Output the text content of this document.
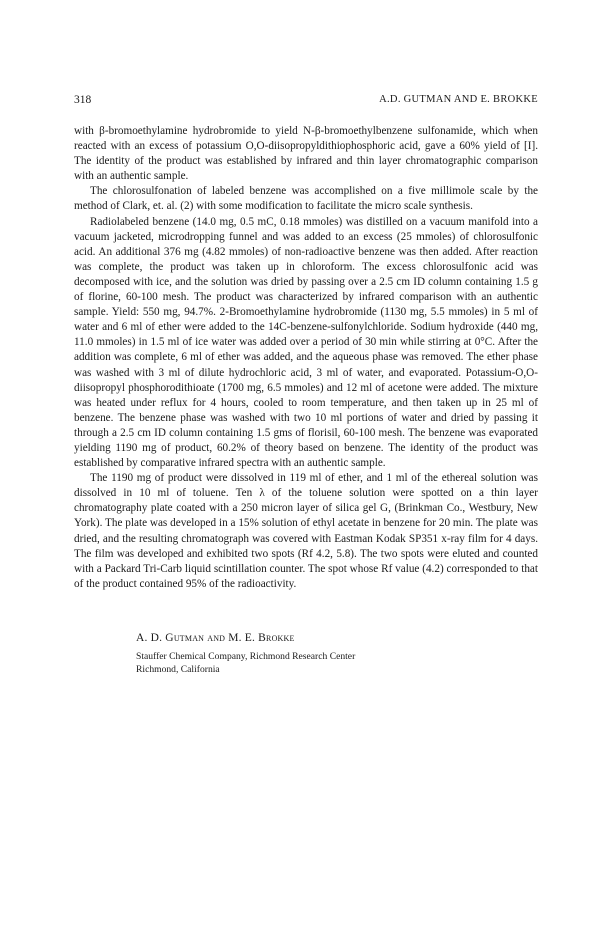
318	A.D. GUTMAN AND E. BROKKE

with β-bromoethylamine hydrobromide to yield N-β-bromoethylbenzene sulfonamide, which when reacted with an excess of potassium O,O-diisopropyldithiophosphoric acid, gave a 60% yield of [I]. The identity of the product was established by infrared and thin layer chromatographic comparison with an authentic sample.

The chlorosulfonation of labeled benzene was accomplished on a five millimole scale by the method of Clark, et. al. (2) with some modification to facilitate the micro scale synthesis.

Radiolabeled benzene (14.0 mg, 0.5 mC, 0.18 mmoles) was distilled on a vacuum manifold into a vacuum jacketed, microdropping funnel and was added to an excess (25 mmoles) of chlorosulfonic acid. An additional 376 mg (4.82 mmoles) of non-radioactive benzene was then added. After reaction was complete, the product was taken up in chloroform. The excess chlorosulfonic acid was decomposed with ice, and the solution was dried by passing over a 2.5 cm ID column containing 1.5 g of florine, 60-100 mesh. The product was characterized by infrared comparison with an authentic sample. Yield: 550 mg, 94.7%. 2-Bromoethylamine hydrobromide (1130 mg, 5.5 mmoles) in 5 ml of water and 6 ml of ether were added to the 14C-benzene-sulfonylchloride. Sodium hydroxide (440 mg, 11.0 mmoles) in 1.5 ml of ice water was added over a period of 30 min while stirring at 0°C. After the addition was complete, 6 ml of ether was added, and the aqueous phase was removed. The ether phase was washed with 3 ml of dilute hydrochloric acid, 3 ml of water, and evaporated. Potassium-O,O-diisopropyl phosphorodithioate (1700 mg, 6.5 mmoles) and 12 ml of acetone were added. The mixture was heated under reflux for 4 hours, cooled to room temperature, and then taken up in 25 ml of benzene. The benzene phase was washed with two 10 ml portions of water and dried by passing it through a 2.5 cm ID column containing 1.5 gms of florisil, 60-100 mesh. The benzene was evaporated yielding 1190 mg of product, 60.2% of theory based on benzene. The identity of the product was established by comparative infrared spectra with an authentic sample.

The 1190 mg of product were dissolved in 119 ml of ether, and 1 ml of the ethereal solution was dissolved in 10 ml of toluene. Ten λ of the toluene solution were spotted on a thin layer chromatography plate coated with a 250 micron layer of silica gel G, (Brinkman Co., Westbury, New York). The plate was developed in a 15% solution of ethyl acetate in benzene for 20 min. The plate was dried, and the resulting chromatograph was covered with Eastman Kodak SP351 x-ray film for 4 days. The film was developed and exhibited two spots (Rf 4.2, 5.8). The two spots were eluted and counted with a Packard Tri-Carb liquid scintillation counter. The spot whose Rf value (4.2) corresponded to that of the product contained 95% of the radioactivity.

A. D. Gutman and M. E. Brokke
Stauffer Chemical Company, Richmond Research Center
Richmond, California
